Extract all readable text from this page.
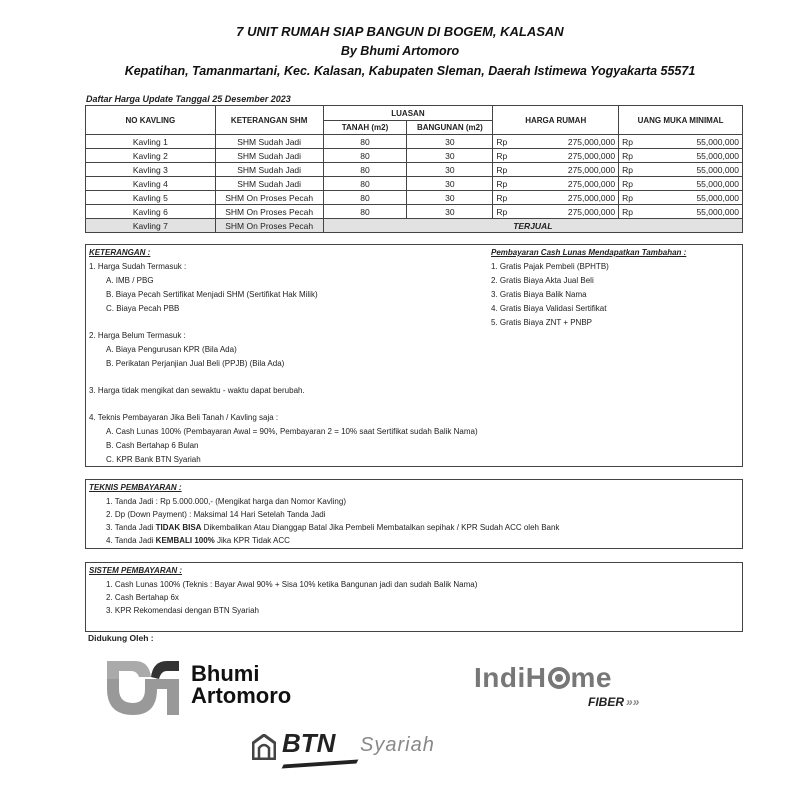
7 UNIT RUMAH SIAP BANGUN DI BOGEM, KALASAN
By Bhumi Artomoro
Kepatihan, Tamanmartani, Kec. Kalasan, Kabupaten Sleman, Daerah Istimewa Yogyakarta 55571
Daftar Harga Update Tanggal 25 Desember 2023
NO KAVLING	KETERANGAN SHM	LUASAN		HARGA RUMAH		UANG MUKA MINIMAL	
		TANAH (m2)	BANGUNAN (m2)				
Kavling 1	SHM Sudah Jadi	80	30	Rp	275,000,000	Rp	55,000,000
Kavling 2	SHM Sudah Jadi	80	30	Rp	275,000,000	Rp	55,000,000
Kavling 3	SHM Sudah Jadi	80	30	Rp	275,000,000	Rp	55,000,000
Kavling 4	SHM Sudah Jadi	80	30	Rp	275,000,000	Rp	55,000,000
Kavling 5	SHM On Proses Pecah	80	30	Rp	275,000,000	Rp	55,000,000
Kavling 6	SHM On Proses Pecah	80	30	Rp	275,000,000	Rp	55,000,000
Kavling 7	SHM On Proses Pecah	TERJUAL					
KETERANGAN :
1. Harga Sudah Termasuk :
A. IMB / PBG
B. Biaya Pecah Sertifikat Menjadi SHM (Sertifikat Hak Milik)
C. Biaya Pecah PBB
2. Harga Belum Termasuk :
A. Biaya Pengurusan KPR (Bila Ada)
B. Perikatan Perjanjian Jual Beli (PPJB) (Bila Ada)
3. Harga tidak mengikat dan sewaktu - waktu dapat berubah.
4. Teknis Pembayaran Jika Beli Tanah / Kavling saja :
A. Cash Lunas 100% (Pembayaran Awal = 90%, Pembayaran 2 = 10% saat Sertifikat sudah Balik Nama)
B. Cash Bertahap 6 Bulan
C. KPR Bank BTN Syariah
Pembayaran Cash Lunas Mendapatkan Tambahan :
1. Gratis Pajak Pembeli (BPHTB)
2. Gratis Biaya Akta Jual Beli
3. Gratis Biaya Balik Nama
4. Gratis Biaya Validasi Sertifikat
5. Gratis Biaya ZNT + PNBP
TEKNIS PEMBAYARAN :
1. Tanda Jadi : Rp 5.000.000,- (Mengikat harga dan Nomor Kavling)
2. Dp (Down Payment) : Maksimal 14 Hari Setelah Tanda Jadi
3. Tanda Jadi TIDAK BISA Dikembalikan Atau Dianggap Batal Jika Pembeli Membatalkan sepihak / KPR Sudah ACC oleh Bank
4. Tanda Jadi KEMBALI 100% Jika KPR Tidak ACC
SISTEM PEMBAYARAN :
1. Cash Lunas 100% (Teknis : Bayar Awal 90% + Sisa 10% ketika Bangunan jadi dan sudah Balik Nama)
2. Cash Bertahap 6x
3. KPR Rekomendasi dengan BTN Syariah
Didukung Oleh :
Bhumi
Artomoro
IndiH me
FIBER »»
BTN Syariah
